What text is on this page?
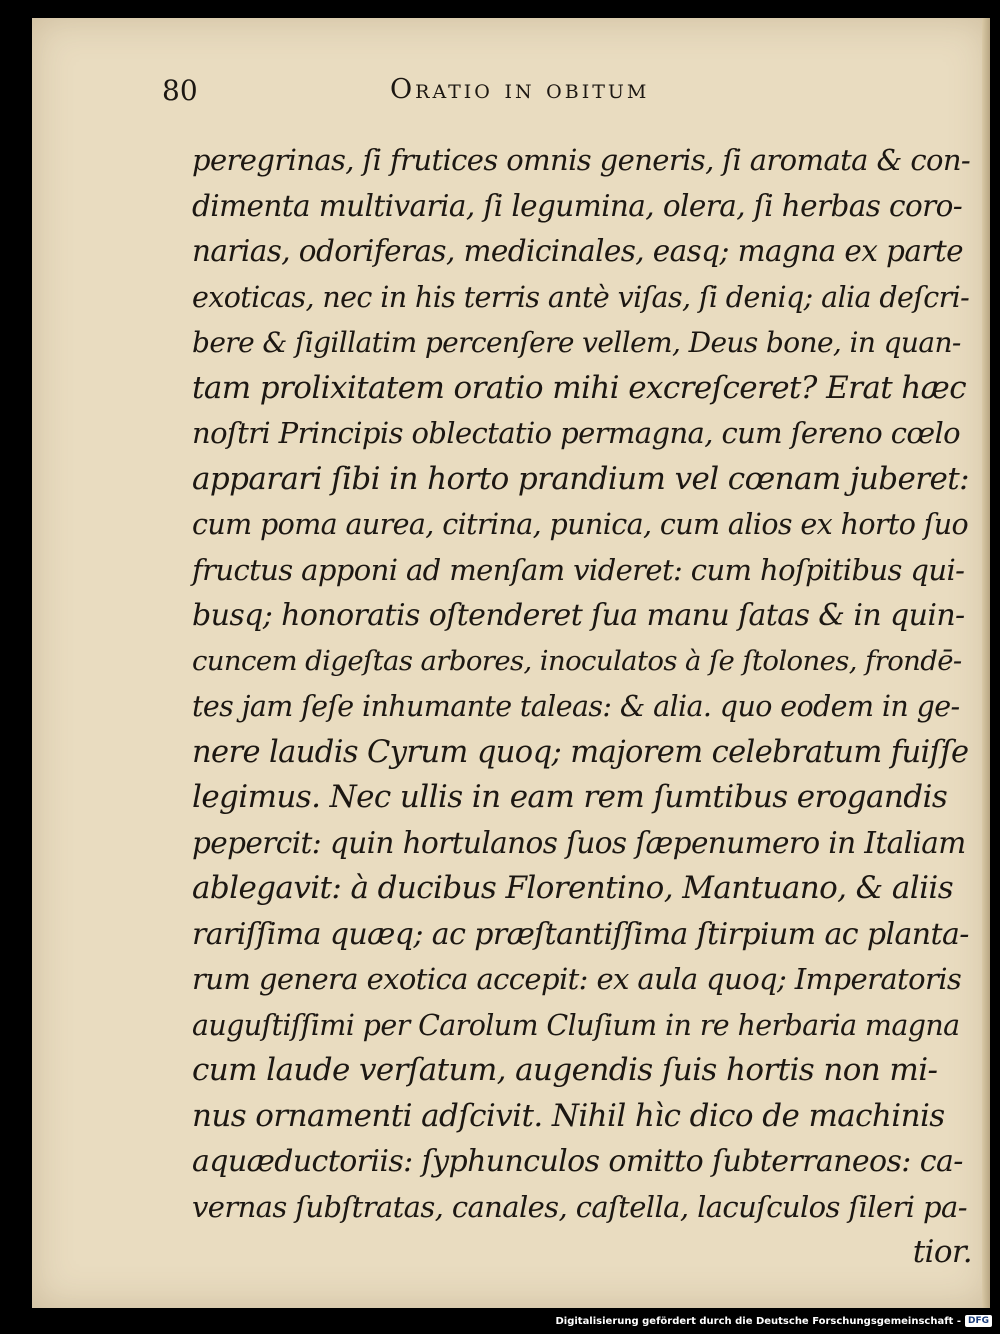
80	Oratio in obitum
peregrinas, ſi frutices omnis generis, ſi aromata & con-
dimenta multivaria, ſi legumina, olera, ſi herbas coro-
narias, odoriferas, medicinales, easq; magna ex parte
exoticas, nec in his terris antè viſas, ſi deniq; alia deſcri-
bere & ſigillatim percenſere vellem, Deus bone, in quan-
tam prolixitatem oratio mihi excreſceret? Erat hæc
noſtri Principis oblectatio permagna, cum ſereno cœlo
apparari ſibi in horto prandium vel cœnam juberet:
cum poma aurea, citrina, punica, cum alios ex horto ſuo
fructus apponi ad menſam videret: cum hoſpitibus qui-
busq; honoratis oſtenderet ſua manu ſatas & in quin-
cuncem digeſtas arbores, inoculatos à ſe ſtolones, frondē-
tes jam ſeſe inhumante taleas: & alia. quo eodem in ge-
nere laudis Cyrum quoq; majorem celebratum fuiſſe
legimus. Nec ullis in eam rem ſumtibus erogandis
pepercit: quin hortulanos ſuos ſæpenumero in Italiam
ablegavit: à ducibus Florentino, Mantuano, & aliis
rariſſima quæq; ac præſtantiſſima ſtirpium ac planta-
rum genera exotica accepit: ex aula quoq; Imperatoris
auguſtiſſimi per Carolum Cluſium in re herbaria magna
cum laude verſatum, augendis ſuis hortis non mi-
nus ornamenti adſcivit. Nihil hìc dico de machinis
aquæductoriis: ſyphunculos omitto ſubterraneos: ca-
vernas ſubſtratas, canales, caſtella, lacuſculos ſileri pa-
tior.
Digitalisierung gefördert durch die Deutsche Forschungsgemeinschaft - DFG
